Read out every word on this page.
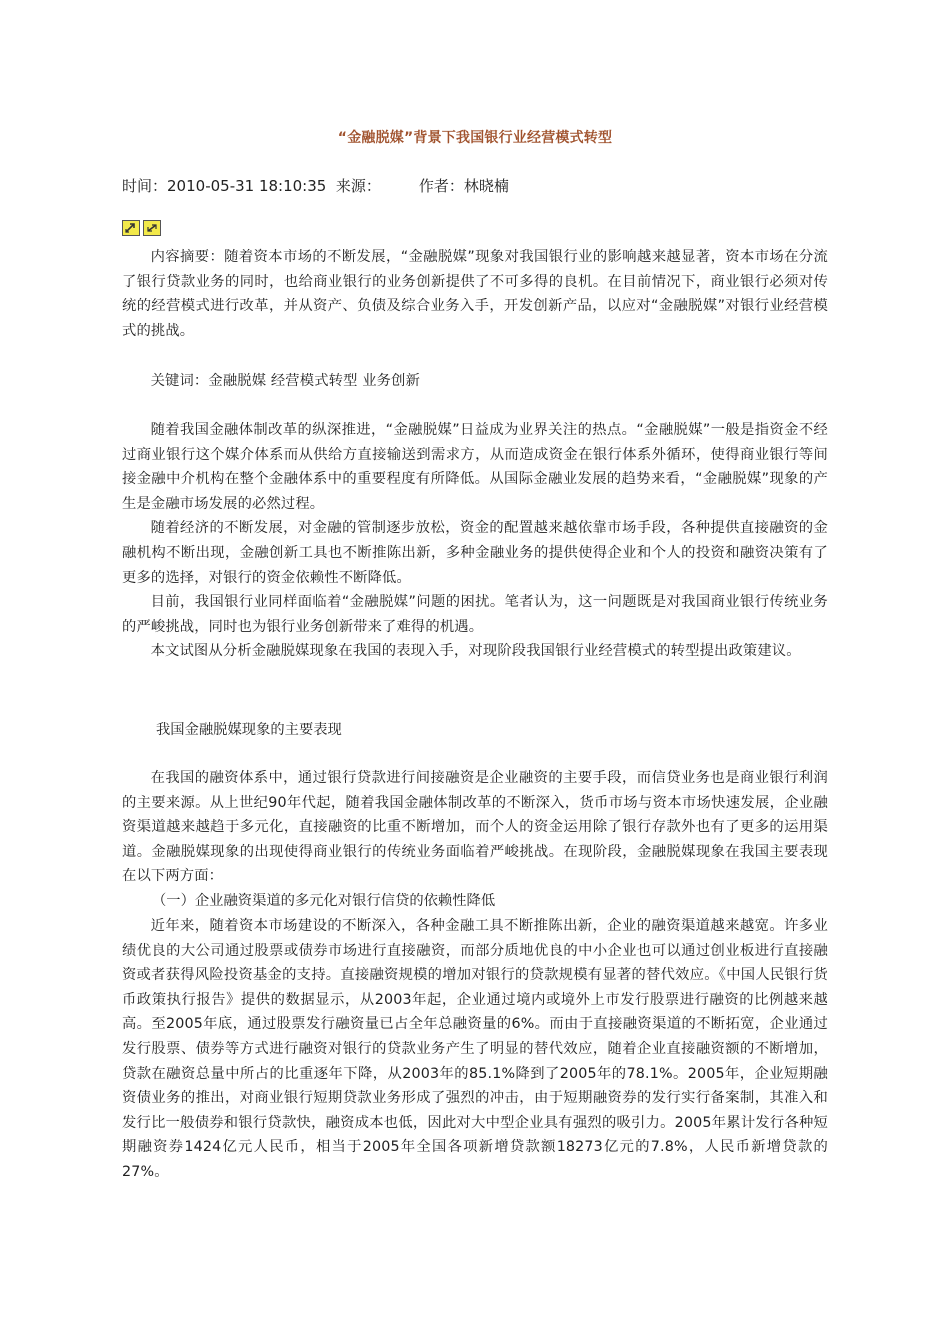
“金融脱媒”背景下我国银行业经营模式转型
时间：2010-05-31 18:10:35 来源：	作者：林晓楠

内容摘要：随着资本市场的不断发展，“金融脱媒”现象对我国银行业的影响越来越显著，资本市场在分流了银行贷款业务的同时，也给商业银行的业务创新提供了不可多得的良机。在目前情况下，商业银行必须对传统的经营模式进行改革，并从资产、负债及综合业务入手，开发创新产品，以应对“金融脱媒”对银行业经营模式的挑战。

关键词：金融脱媒 经营模式转型 业务创新

随着我国金融体制改革的纵深推进，“金融脱媒”日益成为业界关注的热点。“金融脱媒”一般是指资金不经过商业银行这个媒介体系而从供给方直接输送到需求方，从而造成资金在银行体系外循环，使得商业银行等间接金融中介机构在整个金融体系中的重要程度有所降低。从国际金融业发展的趋势来看，“金融脱媒”现象的产生是金融市场发展的必然过程。

随着经济的不断发展，对金融的管制逐步放松，资金的配置越来越依靠市场手段，各种提供直接融资的金融机构不断出现，金融创新工具也不断推陈出新，多种金融业务的提供使得企业和个人的投资和融资决策有了更多的选择，对银行的资金依赖性不断降低。

目前，我国银行业同样面临着“金融脱媒”问题的困扰。笔者认为，这一问题既是对我国商业银行传统业务的严峻挑战，同时也为银行业务创新带来了难得的机遇。

本文试图从分析金融脱媒现象在我国的表现入手，对现阶段我国银行业经营模式的转型提出政策建议。

我国金融脱媒现象的主要表现

在我国的融资体系中，通过银行贷款进行间接融资是企业融资的主要手段，而信贷业务也是商业银行利润的主要来源。从上世纪90年代起，随着我国金融体制改革的不断深入，货币市场与资本市场快速发展，企业融资渠道越来越趋于多元化，直接融资的比重不断增加，而个人的资金运用除了银行存款外也有了更多的运用渠道。金融脱媒现象的出现使得商业银行的传统业务面临着严峻挑战。在现阶段，金融脱媒现象在我国主要表现在以下两方面：

（一）企业融资渠道的多元化对银行信贷的依赖性降低

近年来，随着资本市场建设的不断深入，各种金融工具不断推陈出新，企业的融资渠道越来越宽。许多业绩优良的大公司通过股票或债券市场进行直接融资，而部分质地优良的中小企业也可以通过创业板进行直接融资或者获得风险投资基金的支持。直接融资规模的增加对银行的贷款规模有显著的替代效应。《中国人民银行货币政策执行报告》提供的数据显示，从2003年起，企业通过境内或境外上市发行股票进行融资的比例越来越高。至2005年底，通过股票发行融资量已占全年总融资量的6%。而由于直接融资渠道的不断拓宽，企业通过发行股票、债券等方式进行融资对银行的贷款业务产生了明显的替代效应，随着企业直接融资额的不断增加，贷款在融资总量中所占的比重逐年下降，从2003年的85.1%降到了2005年的78.1%。2005年，企业短期融资债业务的推出，对商业银行短期贷款业务形成了强烈的冲击，由于短期融资券的发行实行备案制，其准入和发行比一般债券和银行贷款快，融资成本也低，因此对大中型企业具有强烈的吸引力。2005年累计发行各种短期融资券1424亿元人民币，相当于2005年全国各项新增贷款额18273亿元的7.8%，人民币新增贷款的27%。
